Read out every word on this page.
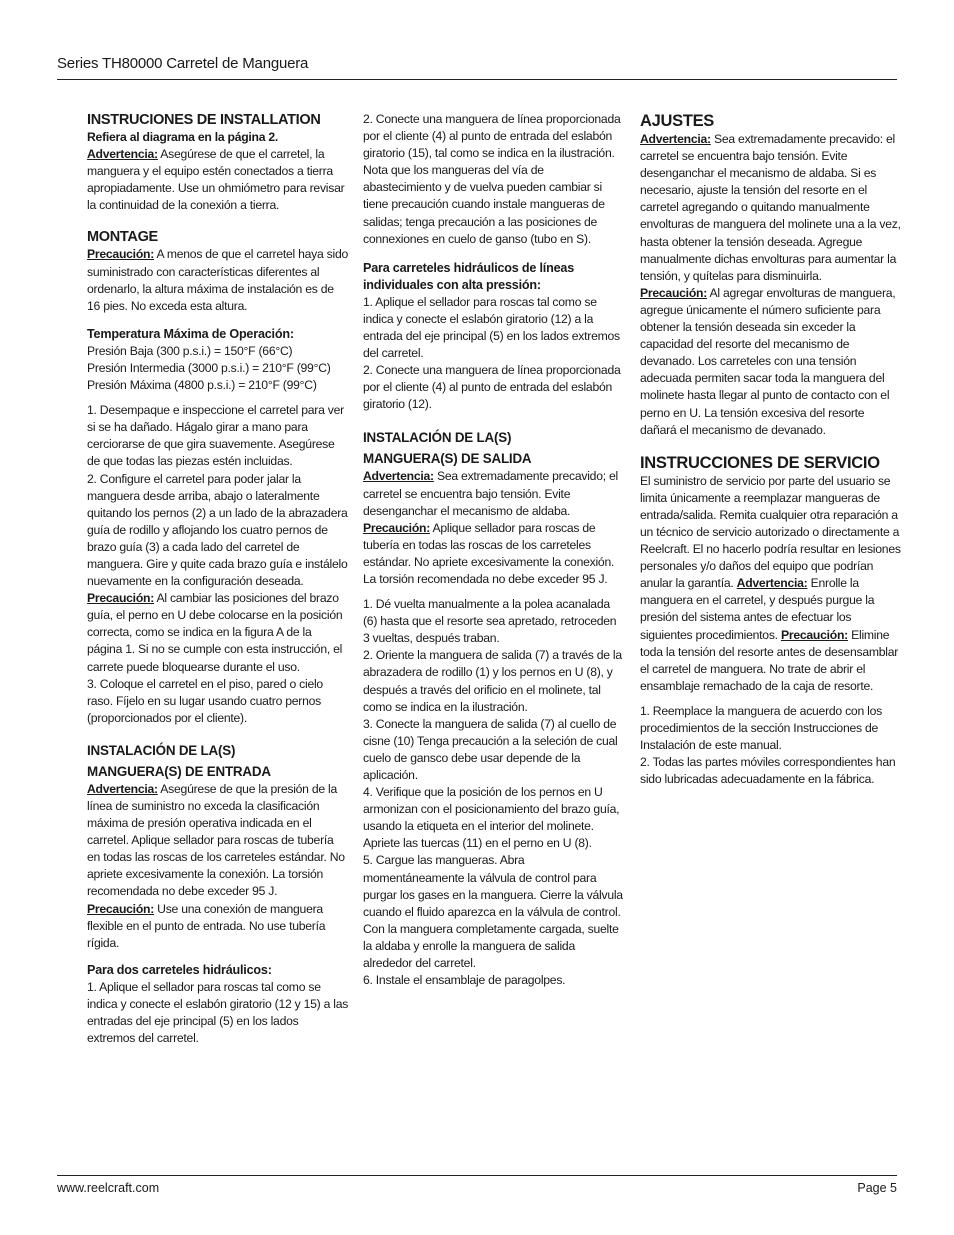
Series TH80000 Carretel de Manguera
INSTRUCIONES DE INSTALLATION

Refiera al diagrama en la página 2.

Advertencia: Asegúrese de que el carretel, la manguera y el equipo estén conectados a tierra apropiadamente. Use un ohmiómetro para revisar la continuidad de la conexión a tierra.

MONTAGE

Precaución: A menos de que el carretel haya sido suministrado con características diferentes al ordenarlo, la altura máxima de instalación es de 16 pies. No exceda esta altura.

Temperatura Máxima de Operación:

Presión Baja (300 p.s.i.) = 150°F (66°C)

Presión Intermedia (3000 p.s.i.) = 210°F (99°C)

Presión Máxima (4800 p.s.i.) = 210°F (99°C)

1. Desempaque e inspeccione el carretel para ver si se ha dañado. Hágalo girar a mano para cerciorarse de que gira suavemente. Asegúrese de que todas las piezas estén incluidas.

2. Configure el carretel para poder jalar la manguera desde arriba, abajo o lateralmente quitando los pernos (2) a un lado de la abrazadera guía de rodillo y aflojando los cuatro pernos de brazo guía (3) a cada lado del carretel de manguera. Gire y quite cada brazo guía e instálelo nuevamente en la configuración deseada.

Precaución: Al cambiar las posiciones del brazo guía, el perno en U debe colocarse en la posición correcta, como se indica en la figura A de la página 1. Si no se cumple con esta instrucción, el carrete puede bloquearse durante el uso.

3. Coloque el carretel en el piso, pared o cielo raso. Fíjelo en su lugar usando cuatro pernos (proporcionados por el cliente).

INSTALACIÓN DE LA(S)
MANGUERA(S) DE ENTRADA

Advertencia: Asegúrese de que la presión de la línea de suministro no exceda la clasificación máxima de presión operativa indicada en el carretel. Aplique sellador para roscas de tubería en todas las roscas de los carreteles estándar. No apriete excesivamente la conexión. La torsión recomendada no debe exceder 95 J.

Precaución: Use una conexión de manguera flexible en el punto de entrada. No use tubería rígida.

Para dos carreteles hidráulicos:

1. Aplique el sellador para roscas tal como se indica y conecte el eslabón giratorio (12 y 15) a las entradas del eje principal (5) en los lados extremos del carretel.

2. Conecte una manguera de línea proporcionada por el cliente (4) al punto de entrada del eslabón giratorio (15), tal como se indica en la ilustración. Nota que los mangueras del vía de abastecimiento y de vuelva pueden cambiar si tiene precaución cuando instale mangueras de salidas; tenga precaución a las posiciones de connexiones en cuelo de ganso (tubo en S).

Para carreteles hidráulicos de líneas individuales con alta pressión:

1. Aplique el sellador para roscas tal como se indica y conecte el eslabón giratorio (12) a la entrada del eje principal (5) en los lados extremos del carretel.

2. Conecte una manguera de línea proporcionada por el cliente (4) al punto de entrada del eslabón giratorio (12).

INSTALACIÓN DE LA(S)
MANGUERA(S) DE SALIDA

Advertencia: Sea extremadamente precavido; el carretel se encuentra bajo tensión. Evite desenganchar el mecanismo de aldaba.

Precaución: Aplique sellador para roscas de tubería en todas las roscas de los carreteles estándar. No apriete excesivamente la conexión. La torsión recomendada no debe exceder 95 J.

1. Dé vuelta manualmente a la polea acanalada (6) hasta que el resorte sea apretado, retroceden 3 vueltas, después traban.

2. Oriente la manguera de salida (7) a través de la abrazadera de rodillo (1) y los pernos en U (8), y después a través del orificio en el molinete, tal como se indica en la ilustración.

3. Conecte la manguera de salida (7) al cuello de cisne (10) Tenga precaución a la seleción de cual cuelo de gansco debe usar depende de la aplicación.

4. Verifique que la posición de los pernos en U armonizan con el posicionamiento del brazo guía, usando la etiqueta en el interior del molinete. Apriete las tuercas (11) en el perno en U (8).

5. Cargue las mangueras. Abra momentáneamente la válvula de control para purgar los gases en la manguera. Cierre la válvula cuando el fluido aparezca en la válvula de control. Con la manguera completamente cargada, suelte la aldaba y enrolle la manguera de salida alrededor del carretel.

6. Instale el ensamblaje de paragolpes.

AJUSTES

Advertencia: Sea extremadamente precavido: el carretel se encuentra bajo tensión. Evite desenganchar el mecanismo de aldaba. Si es necesario, ajuste la tensión del resorte en el carretel agregando o quitando manualmente envolturas de manguera del molinete una a la vez, hasta obtener la tensión deseada. Agregue manualmente dichas envolturas para aumentar la tensión, y quítelas para disminuirla.

Precaución: Al agregar envolturas de manguera, agregue únicamente el número suficiente para obtener la tensión deseada sin exceder la capacidad del resorte del mecanismo de devanado. Los carreteles con una tensión adecuada permiten sacar toda la manguera del molinete hasta llegar al punto de contacto con el perno en U. La tensión excesiva del resorte dañará el mecanismo de devanado.

INSTRUCCIONES DE SERVICIO

El suministro de servicio por parte del usuario se limita únicamente a reemplazar mangueras de entrada/salida. Remita cualquier otra reparación a un técnico de servicio autorizado o directamente a Reelcraft. El no hacerlo podría resultar en lesiones personales y/o daños del equipo que podrían anular la garantía. Advertencia: Enrolle la manguera en el carretel, y después purgue la presión del sistema antes de efectuar los siguientes procedimientos. Precaución: Elimine toda la tensión del resorte antes de desensamblar el carretel de manguera. No trate de abrir el ensamblaje remachado de la caja de resorte.

1. Reemplace la manguera de acuerdo con los procedimientos de la sección Instrucciones de Instalación de este manual.

2. Todas las partes móviles correspondientes han sido lubricadas adecuadamente en la fábrica.

www.reelcraft.com	Page 5
